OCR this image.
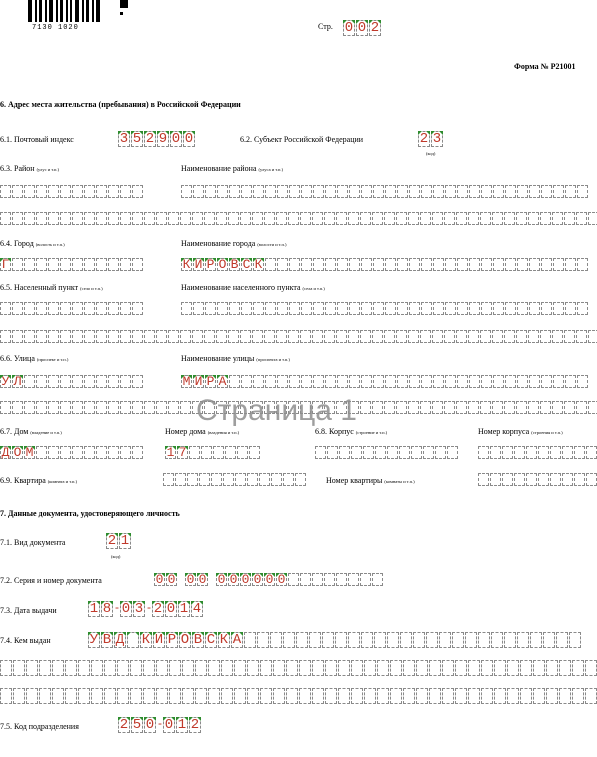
7130 1020	Стр. 0 0 2
Форма № Р21001
6. Адрес места жительства (пребывания) в Российской Федерации
6.1. Почтовый индекс	3 5 2 9 0 0	6.2. Субъект Российской Федерации	2 3
(код)
6.3. Район (улус и т.п.)	Наименование района (улуса и т.п.)
6.4. Город (волость и т.п.)	Наименование города (волости и т.п.)
Г	К И Р О В С К
6.5. Населенный пункт (село и т.п.)	Наименование населенного пункта (села и т.п.)
6.6. Улица (проспект и т.п.)	Наименование улицы (проспекта и т.п.)
У Л	М И Р А
Страница 1
6.7. Дом (владение и т.п.)	Номер дома (владения и т.п.)	6.8. Корпус (строение и т.п.)	Номер корпуса (строения и т.п.)
Д О М	1 7
6.9. Квартира (комната и т.п.)	Номер квартиры (комнаты и т.п.)
7. Данные документа, удостоверяющего личность
7.1. Вид документа	2 1
(код)
7.2. Серия и номер документа	0 0 0 0 0 0 0 0 0 0
7.3. Дата выдачи 1 8 - 0 3 - 2 0 1 4
7.4. Кем выдан	У В Д К И Р О В С К А
7.5. Код подразделения	2 5 0 - 0 1 2
